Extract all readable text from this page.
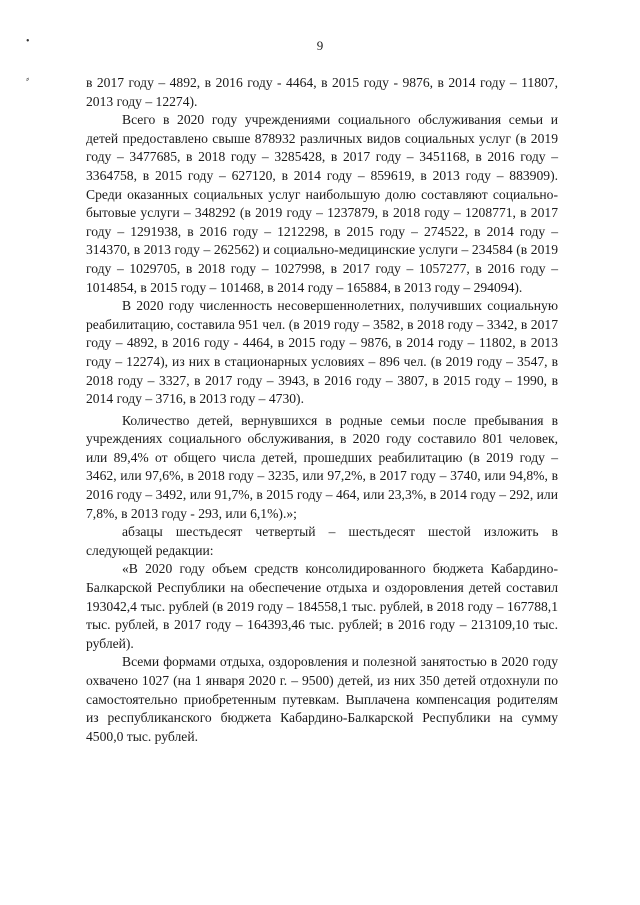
•
⸗
9

в 2017 году – 4892, в 2016 году - 4464, в 2015 году - 9876, в 2014 году – 11807, 2013 году – 12274).

Всего в 2020 году учреждениями социального обслуживания семьи и детей предоставлено свыше 878932 различных видов социальных услуг (в 2019 году – 3477685, в 2018 году – 3285428, в 2017 году – 3451168, в 2016 году – 3364758, в 2015 году – 627120, в 2014 году – 859619, в 2013 году – 883909). Среди оказанных социальных услуг наибольшую долю составляют социально-бытовые услуги – 348292 (в 2019 году – 1237879, в 2018 году – 1208771, в 2017 году – 1291938, в 2016 году – 1212298, в 2015 году – 274522, в 2014 году – 314370, в 2013 году – 262562) и социально-медицинские услуги – 234584 (в 2019 году – 1029705, в 2018 году – 1027998, в 2017 году – 1057277, в 2016 году – 1014854, в 2015 году – 101468, в 2014 году – 165884, в 2013 году – 294094).

В 2020 году численность несовершеннолетних, получивших социальную реабилитацию, составила 951 чел. (в 2019 году – 3582, в 2018 году – 3342, в 2017 году – 4892, в 2016 году - 4464, в 2015 году – 9876, в 2014 году – 11802, в 2013 году – 12274), из них в стационарных условиях – 896 чел. (в 2019 году – 3547, в 2018 году – 3327, в 2017 году – 3943, в 2016 году – 3807, в 2015 году – 1990, в 2014 году – 3716, в 2013 году – 4730).

Количество детей, вернувшихся в родные семьи после пребывания в учреждениях социального обслуживания, в 2020 году составило 801 человек, или 89,4% от общего числа детей, прошедших реабилитацию (в 2019 году – 3462, или 97,6%, в 2018 году – 3235, или 97,2%, в 2017 году – 3740, или 94,8%, в 2016 году – 3492, или 91,7%, в 2015 году – 464, или 23,3%, в 2014 году – 292, или 7,8%, в 2013 году - 293, или 6,1%).»;

абзацы шестьдесят четвертый – шестьдесят шестой изложить в следующей редакции:

«В 2020 году объем средств консолидированного бюджета Кабардино-Балкарской Республики на обеспечение отдыха и оздоровления детей составил 193042,4 тыс. рублей (в 2019 году – 184558,1 тыс. рублей, в 2018 году – 167788,1 тыс. рублей, в 2017 году – 164393,46 тыс. рублей; в 2016 году – 213109,10 тыс. рублей).

Всеми формами отдыха, оздоровления и полезной занятостью в 2020 году охвачено 1027 (на 1 января 2020 г. – 9500) детей, из них 350 детей отдохнули по самостоятельно приобретенным путевкам. Выплачена компенсация родителям из республиканского бюджета Кабардино-Балкарской Республики на сумму 4500,0 тыс. рублей.
